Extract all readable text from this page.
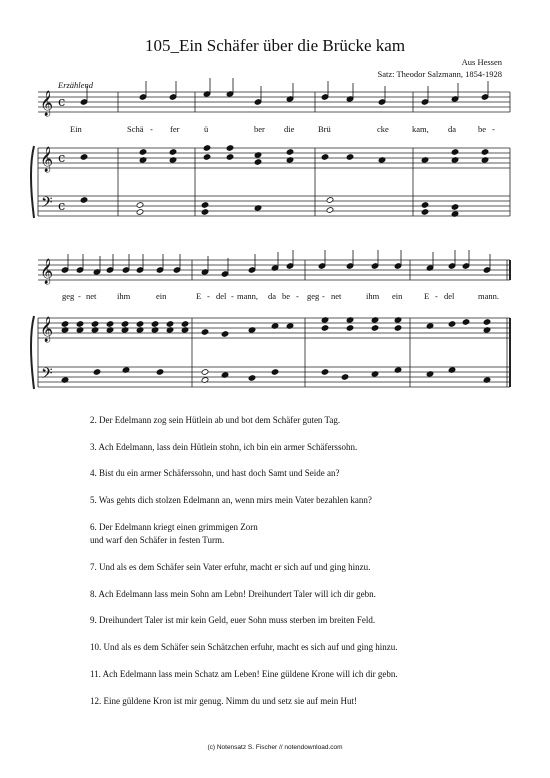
105_Ein Schäfer über die Brücke kam
Aus Hessen
Satz: Theodor Salzmann, 1854-1928
Erzählend
𝄞
𝄞
𝄢
c
c
c
𝄞
𝄞
𝄢
Ein	Schä - fer	ü	ber die	Brü	cke	kam, da	be -
geg - net ihm	ein	E - del - mann, da be - geg - net	ihm ein	E - del	mann.
2. Der Edelmann zog sein Hütlein ab und bot dem Schäfer guten Tag.
3. Ach Edelmann, lass dein Hütlein stohn, ich bin ein armer Schäferssohn.
4. Bist du ein armer Schäferssohn, und hast doch Samt und Seide an?
5. Was gehts dich stolzen Edelmann an, wenn mirs mein Vater bezahlen kann?
6. Der Edelmann kriegt einen grimmigen Zorn
und warf den Schäfer in festen Turm.
7. Und als es dem Schäfer sein Vater erfuhr, macht er sich auf und ging hinzu.
8. Ach Edelmann lass mein Sohn am Lebn! Dreihundert Taler will ich dir gebn.
9. Dreihundert Taler ist mir kein Geld, euer Sohn muss sterben im breiten Feld.
10. Und als es dem Schäfer sein Schätzchen erfuhr, macht es sich auf und ging hinzu.
11. Ach Edelmann lass mein Schatz am Leben! Eine güldene Krone will ich dir gebn.
12. Eine güldene Kron ist mir genug. Nimm du und setz sie auf mein Hut!
(c) Notensatz S. Fischer // notendownload.com
